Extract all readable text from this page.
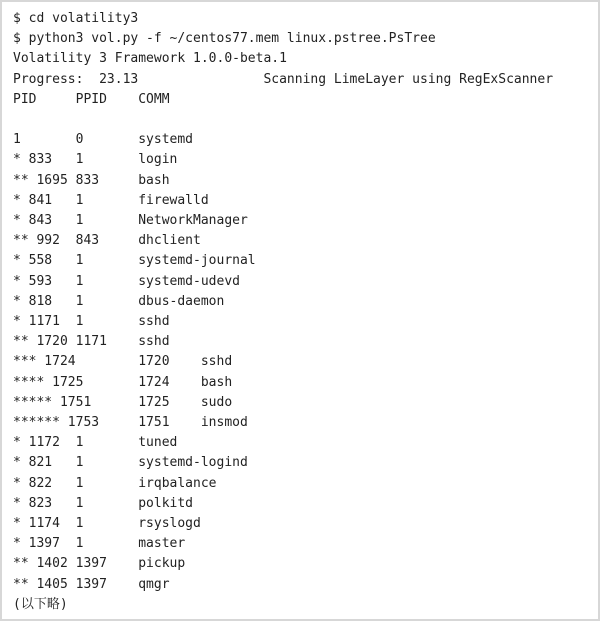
$ cd volatility3
$ python3 vol.py -f ~/centos77.mem linux.pstree.PsTree
Volatility 3 Framework 1.0.0-beta.1
Progress:  23.13                Scanning LimeLayer using RegExScanner
PID     PPID    COMM

1       0       systemd
* 833   1       login
** 1695 833     bash
* 841   1       firewalld
* 843   1       NetworkManager
** 992  843     dhclient
* 558   1       systemd-journal
* 593   1       systemd-udevd
* 818   1       dbus-daemon
* 1171  1       sshd
** 1720 1171    sshd
*** 1724        1720    sshd
**** 1725       1724    bash
***** 1751      1725    sudo
****** 1753     1751    insmod
* 1172  1       tuned
* 821   1       systemd-logind
* 822   1       irqbalance
* 823   1       polkitd
* 1174  1       rsyslogd
* 1397  1       master
** 1402 1397    pickup
** 1405 1397    qmgr
(以下略)
